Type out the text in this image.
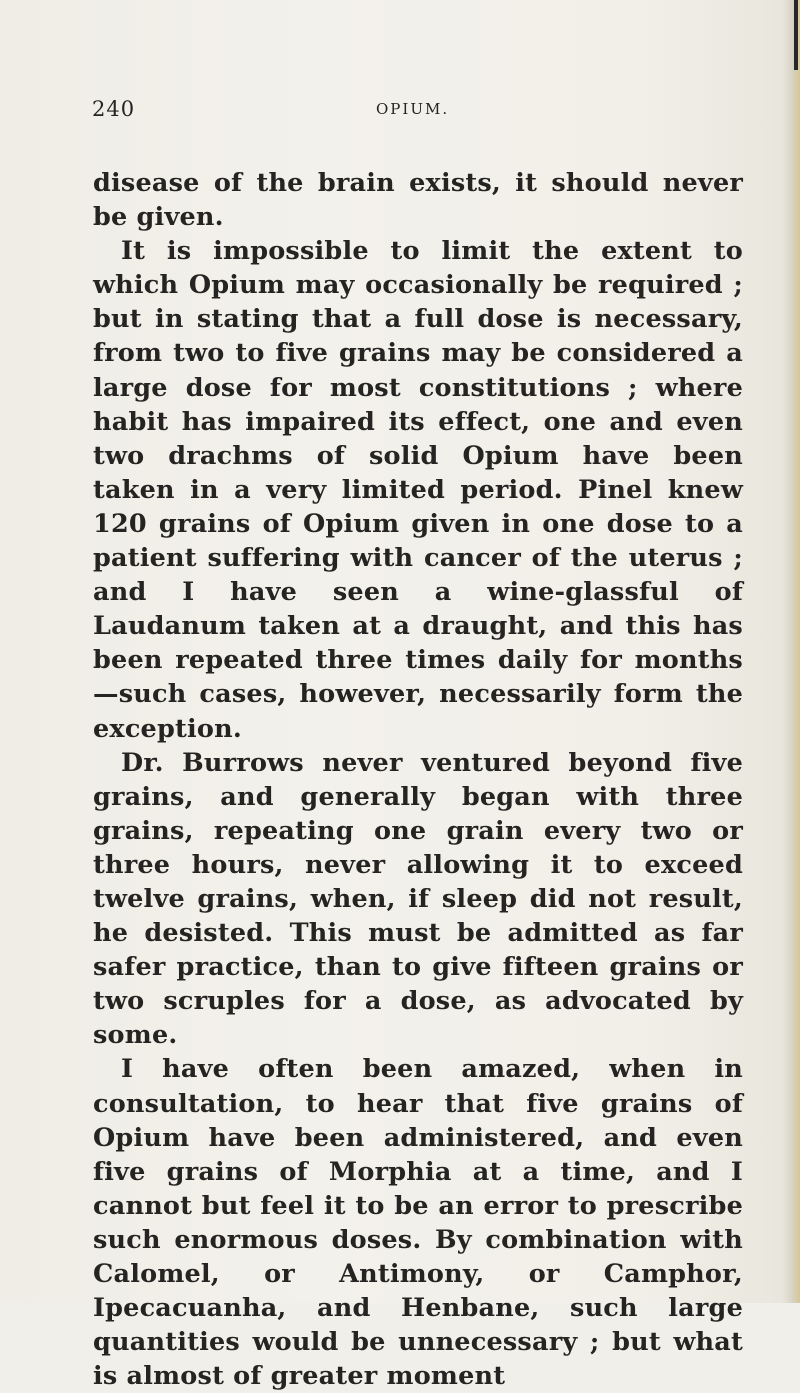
240	OPIUM.

disease of the brain exists, it should never be given.

It is impossible to limit the extent to which Opium may occasionally be required ; but in stating that a full dose is necessary, from two to five grains may be considered a large dose for most constitutions ; where habit has impaired its effect, one and even two drachms of solid Opium have been taken in a very limited period. Pinel knew 120 grains of Opium given in one dose to a patient suffering with cancer of the uterus ; and I have seen a wine-glassful of Laudanum taken at a draught, and this has been repeated three times daily for months —such cases, however, necessarily form the exception.

Dr. Burrows never ventured beyond five grains, and generally began with three grains, repeating one grain every two or three hours, never allowing it to exceed twelve grains, when, if sleep did not result, he desisted. This must be admitted as far safer practice, than to give fifteen grains or two scruples for a dose, as advocated by some.

I have often been amazed, when in consultation, to hear that five grains of Opium have been administered, and even five grains of Morphia at a time, and I cannot but feel it to be an error to prescribe such enormous doses. By combination with Calomel, or Antimony, or Camphor, Ipecacuanha, and Henbane, such large quantities would be unnecessary ; but what is almost of greater moment
